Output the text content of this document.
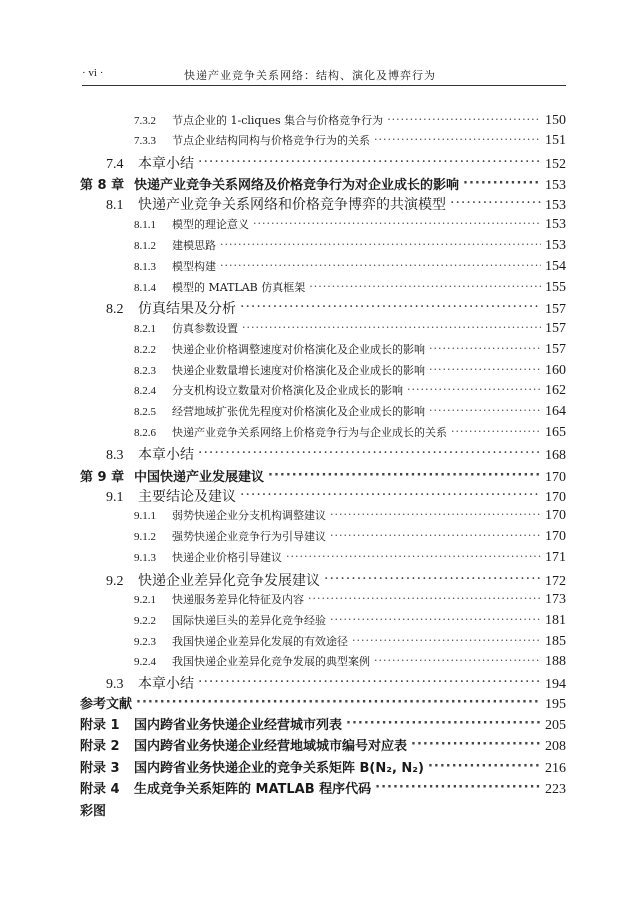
· vi ·	快递产业竞争关系网络：结构、演化及博弈行为
7.3.2	节点企业的 1-cliques 集合与价格竞争行为 ·····	150
7.3.3	节点企业结构同构与价格竞争行为的关系 ·····	151
7.4	本章小结 ·····	152
第 8 章 快递产业竞争关系网络及价格竞争行为对企业成长的影响 ·····	153
8.1	快递产业竞争关系网络和价格竞争博弈的共演模型 ·····	153
8.1.1	模型的理论意义 ·····	153
8.1.2	建模思路 ·····	153
8.1.3	模型构建 ·····	154
8.1.4	模型的 MATLAB 仿真框架 ·····	155
8.2	仿真结果及分析 ·····	157
8.2.1	仿真参数设置 ·····	157
8.2.2	快递企业价格调整速度对价格演化及企业成长的影响 ·····	157
8.2.3	快递企业数量增长速度对价格演化及企业成长的影响 ·····	160
8.2.4	分支机构设立数量对价格演化及企业成长的影响 ·····	162
8.2.5	经营地域扩张优先程度对价格演化及企业成长的影响 ·····	164
8.2.6	快递产业竞争关系网络上价格竞争行为与企业成长的关系 ·····	165
8.3	本章小结 ·····	168
第 9 章 中国快递产业发展建议 ·····	170
9.1	主要结论及建议 ·····	170
9.1.1	弱势快递企业分支机构调整建议 ·····	170
9.1.2	强势快递企业竞争行为引导建议 ·····	170
9.1.3	快递企业价格引导建议 ·····	171
9.2	快递企业差异化竞争发展建议 ·····	172
9.2.1	快递服务差异化特征及内容 ·····	173
9.2.2	国际快递巨头的差异化竞争经验 ·····	181
9.2.3	我国快递企业差异化发展的有效途径 ·····	185
9.2.4	我国快递企业差异化竞争发展的典型案例 ·····	188
9.3	本章小结 ·····	194
参考文献 ·····	195
附录 1	国内跨省业务快递企业经营城市列表 ·····	205
附录 2	国内跨省业务快递企业经营地域城市编号对应表 ·····	208
附录 3	国内跨省业务快递企业的竞争关系矩阵 B(N₂, N₂) ·····	216
附录 4	生成竞争关系矩阵的 MATLAB 程序代码 ·····	223
彩图
